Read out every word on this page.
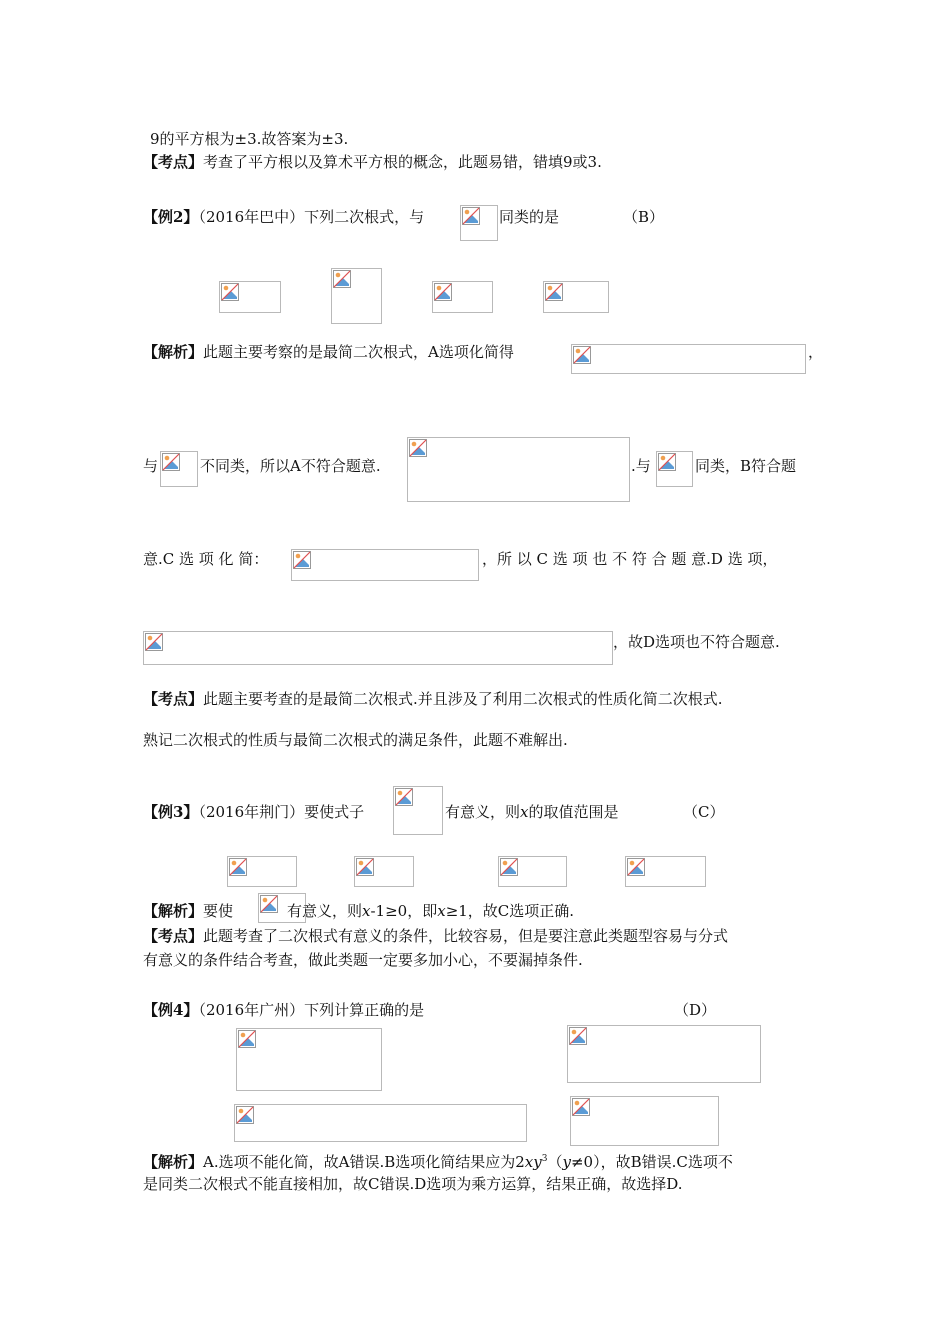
9的平方根为±3.故答案为±3.
【考点】考查了平方根以及算术平方根的概念，此题易错，错填9或3.
【例2】（2016年巴中）下列二次根式，与	同类的是	（B）
【解析】此题主要考察的是最简二次根式，A选项化简得	，
与	不同类，所以A不符合题意.	.与	同类，B符合题
意.C 选 项 化 简：	，所 以 C 选 项 也 不 符 合 题 意.D 选 项，
，故D选项也不符合题意.
【考点】此题主要考查的是最简二次根式.并且涉及了利用二次根式的性质化简二次根式.
熟记二次根式的性质与最简二次根式的满足条件，此题不难解出.
【例3】（2016年荆门）要使式子	有意义，则x的取值范围是	（C）
【解析】要使	有意义，则x-1≥0，即x≥1，故C选项正确.
【考点】此题考查了二次根式有意义的条件，比较容易，但是要注意此类题型容易与分式
有意义的条件结合考查，做此类题一定要多加小心，不要漏掉条件.
【例4】（2016年广州）下列计算正确的是	（D）
【解析】A.选项不能化简，故A错误.B选项化简结果应为$2xy^3(y\ne 0)$，故B错误.C选项不
是同类二次根式不能直接相加，故C错误.D选项为乘方运算，结果正确，故选择D.
